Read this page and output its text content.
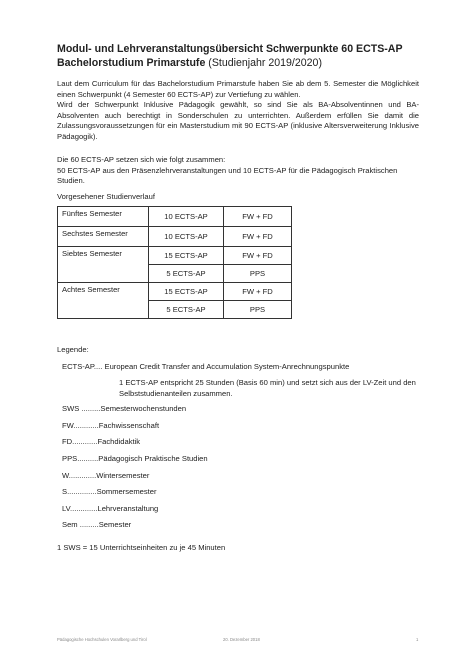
Modul- und Lehrveranstaltungsübersicht Schwerpunkte 60 ECTS-AP
Bachelorstudium Primarstufe (Studienjahr 2019/2020)

Laut dem Curriculum für das Bachelorstudium Primarstufe haben Sie ab dem 5. Semester die Möglichkeit einen Schwerpunkt (4 Semester 60 ECTS-AP) zur Vertiefung zu wählen.

Wird der Schwerpunkt Inklusive Pädagogik gewählt, so sind Sie als BA-Absolventinnen und BA-Absolventen auch berechtigt in Sonderschulen zu unterrichten. Außerdem erfüllen Sie damit die Zulassungsvoraussetzungen für ein Masterstudium mit 90 ECTS-AP (inklusive Altersverweiterung Inklusive Pädagogik).

Die 60 ECTS-AP setzen sich wie folgt zusammen:

50 ECTS-AP aus den Präsenzlehrveranstaltungen und 10 ECTS-AP für die Pädagogisch Praktischen Studien.

Vorgesehener Studienverlauf
Fünftes Semester	10 ECTS-AP	FW + FD
Sechstes Semester	10 ECTS-AP	FW + FD
Siebtes Semester	15 ECTS-AP	FW + FD
	5 ECTS-AP	PPS
Achtes Semester	15 ECTS-AP	FW + FD
	5 ECTS-AP	PPS
Legende:
ECTS-AP.... European Credit Transfer and Accumulation System-Anrechnungspunkte
1 ECTS-AP entspricht 25 Stunden (Basis 60 min) und setzt sich aus der LV-Zeit und den Selbststudienanteilen zusammen.
SWS .........Semesterwochenstunden
FW............Fachwissenschaft
FD............Fachdidaktik
PPS..........Pädagogisch Praktische Studien
W.............Wintersemester
S..............Sommersemester
LV.............Lehrveranstaltung
Sem .........Semester
1 SWS = 15 Unterrichtseinheiten zu je 45 Minuten
Pädagogische Hochschulen Vorarlberg und Tirol	20. Dezember 2018	1
